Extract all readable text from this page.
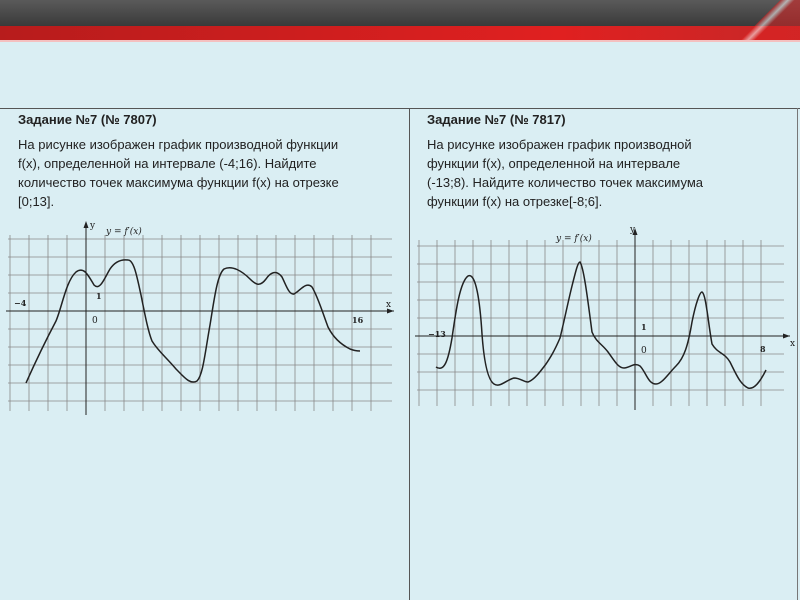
Задание №7 (№ 7807)

На рисунке изображен график производной функции
f(x), определенной на интервале (-4;16). Найдите
количество точек максимума функции f(x) на отрезке
[0;13].

Задание №7 (№ 7817)

На рисунке изображен график производной
функции f(x), определенной на интервале
(-13;8). Найдите количество точек максимума
функции f(x) на отрезке[-8;6].

y
x
y = f′(x)
0
1
−4
16
y
x
y = f′(x)
0
1
−13
8
